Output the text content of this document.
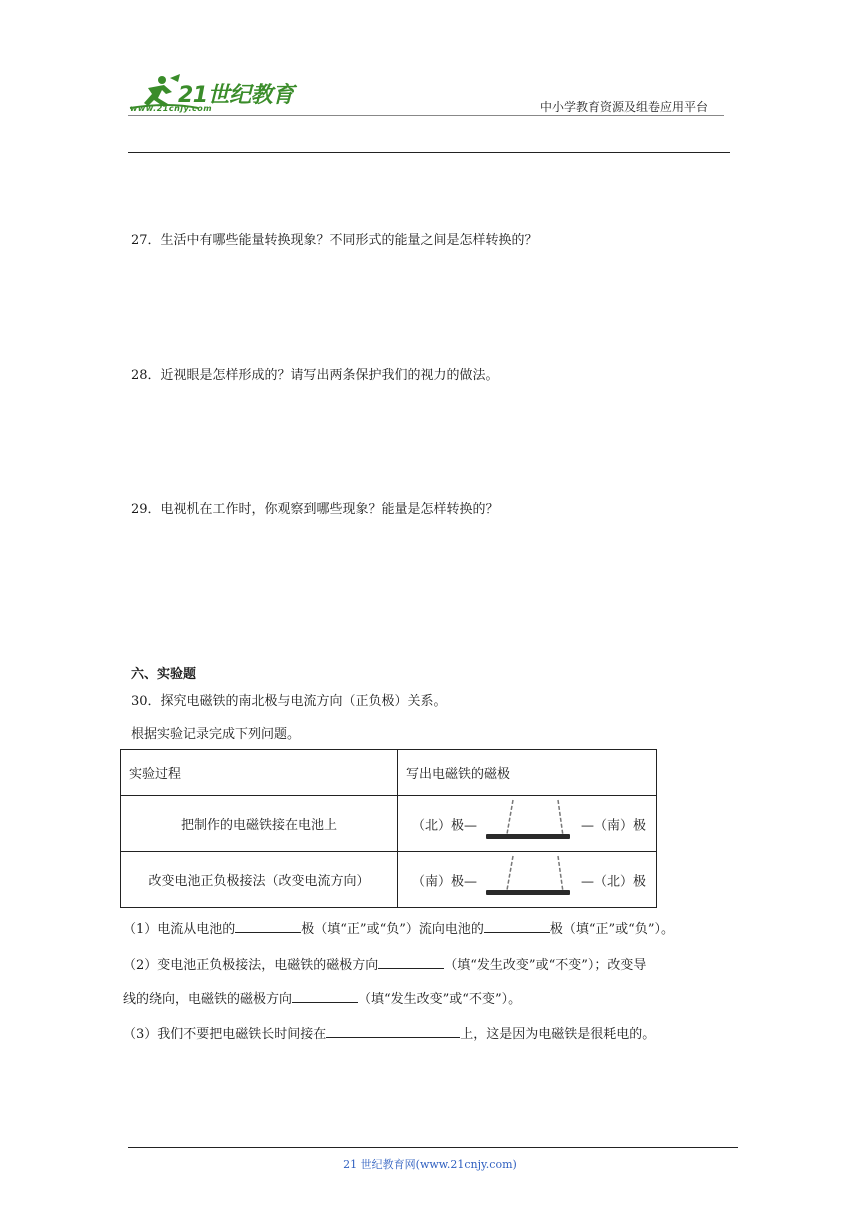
21世纪教育
www.21cnjy.com	中小学教育资源及组卷应用平台
27．生活中有哪些能量转换现象？不同形式的能量之间是怎样转换的？
28．近视眼是怎样形成的？请写出两条保护我们的视力的做法。
29．电视机在工作时，你观察到哪些现象？能量是怎样转换的？
六、实验题
30．探究电磁铁的南北极与电流方向（正负极）关系。
根据实验记录完成下列问题。
实验过程	写出电磁铁的磁极
把制作的电磁铁接在电池上	（北）极— —（南）极

改变电池正负极接法（改变电流方向）	（南）极— —（北）极
（1）电流从电池的	极（填“正”或“负”）流向电池的	极（填“正”或“负”）。
（2）变电池正负极接法，电磁铁的磁极方向	（填“发生改变”或“不变”）；改变导
线的绕向，电磁铁的磁极方向	（填“发生改变”或“不变”）。
（3）我们不要把电磁铁长时间接在	上，这是因为电磁铁是很耗电的。
21 世纪教育网(www.21cnjy.com)
